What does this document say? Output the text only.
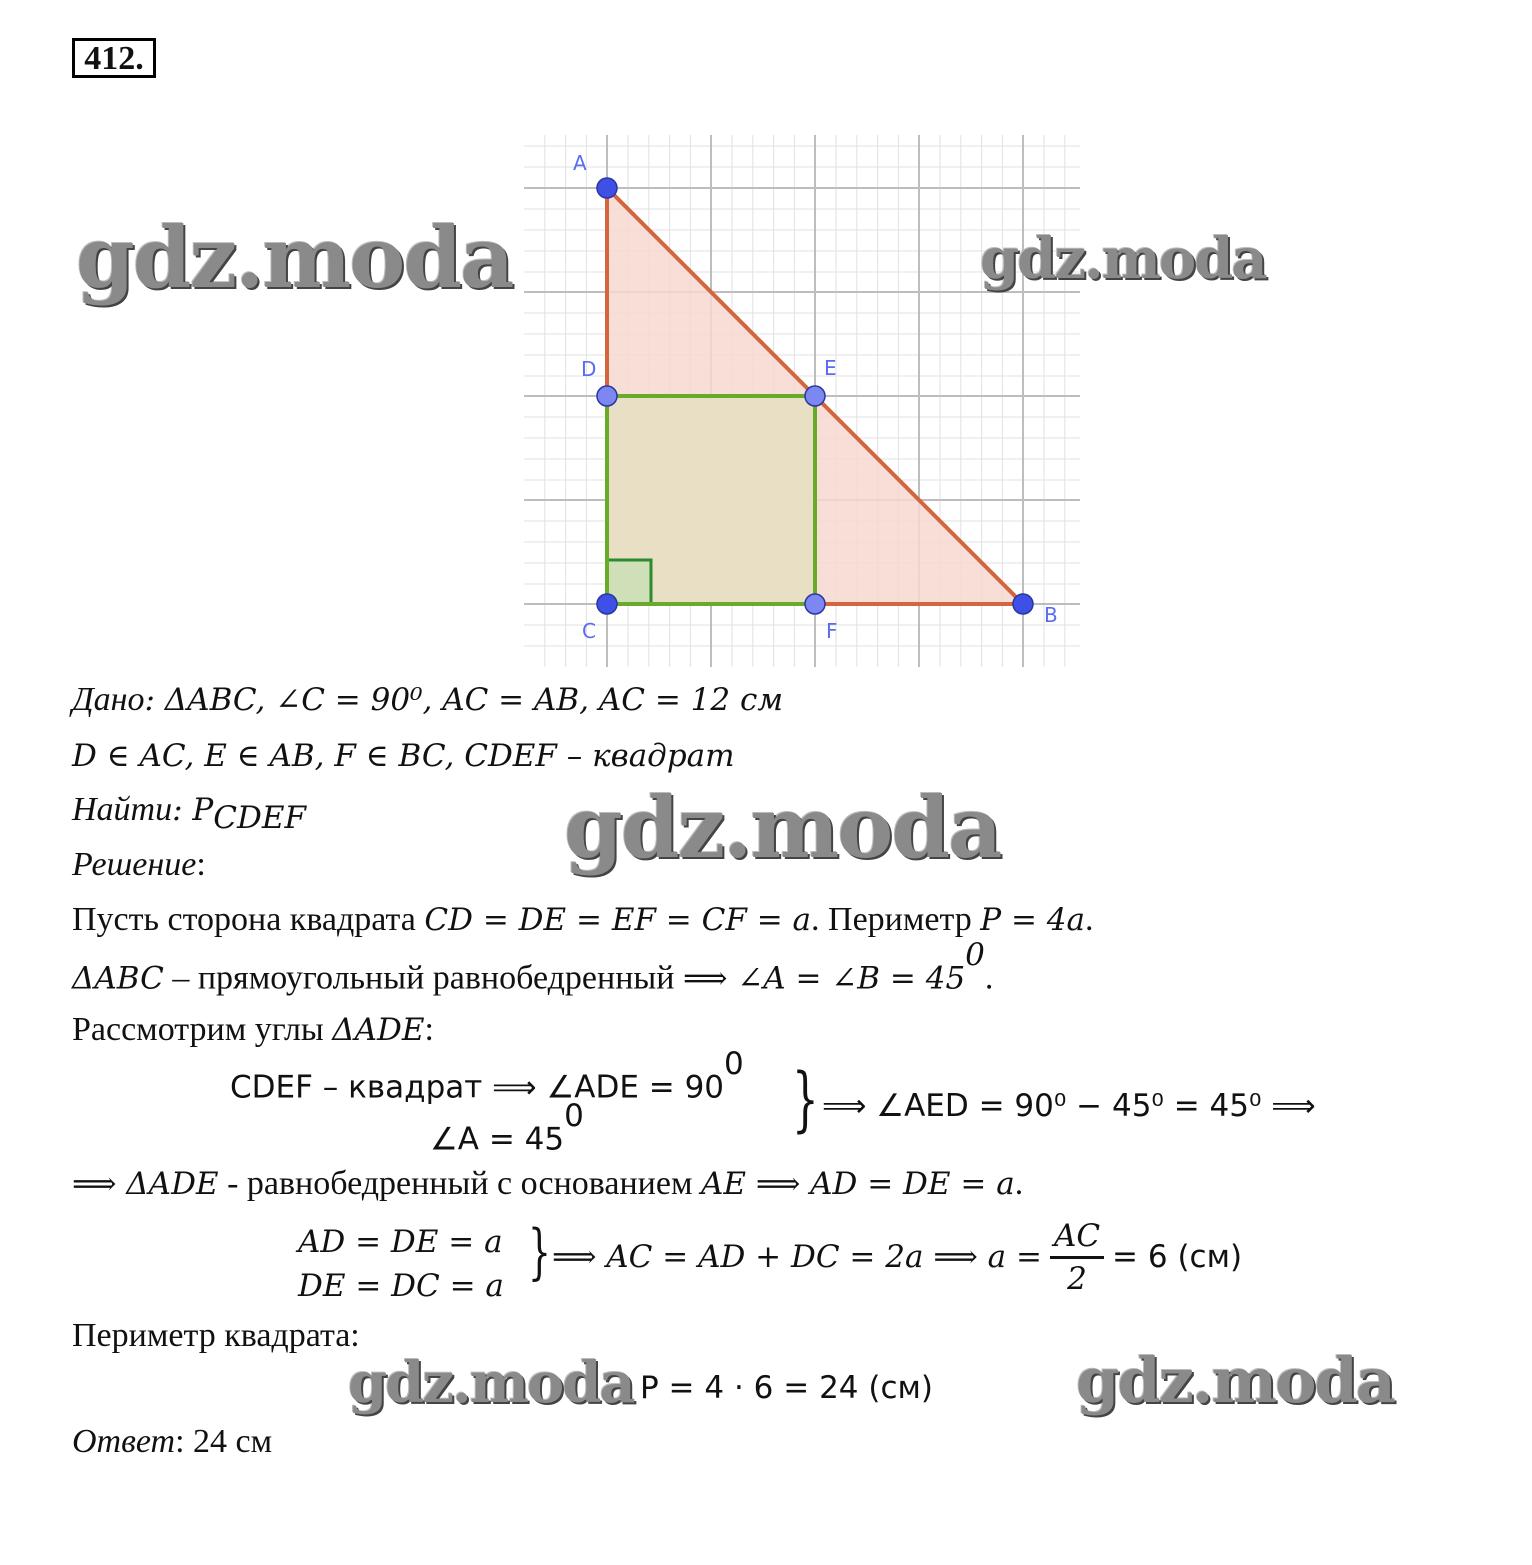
412.
A
B
C
D	E
F
gdz.moda	gdz.moda
gdz.moda
gdz.moda	gdz.moda
Дано: ΔABC, ∠C = 90⁰, AC = AB, AC = 12 см
D ∈ AC, E ∈ AB, F ∈ BC, CDEF – квадрат
Найти: $P_{CDEF}$
Решение:
Пусть сторона квадрата CD = DE = EF = CF = a. Периметр P = 4a.
ΔABC – прямоугольный равнобедренный ⟹ ∠A = ∠B = $45^0$.
Рассмотрим углы ΔADE:
CDEF – квадрат ⟹ ∠ADE = $90^0$
∠A = $45^0$	} ⟹ ∠AED = 90⁰ − 45⁰ = 45⁰ ⟹
⟹ ΔADE - равнобедренный с основанием AE ⟹ AD = DE = a.
AD = DE = a
DE = DC = a } ⟹ AC = AD + DC = 2a ⟹ $a = \frac{AC}{2} = 6$ (см)
Периметр квадрата:
P = 4 · 6 = 24 (см)
Ответ: 24 см
